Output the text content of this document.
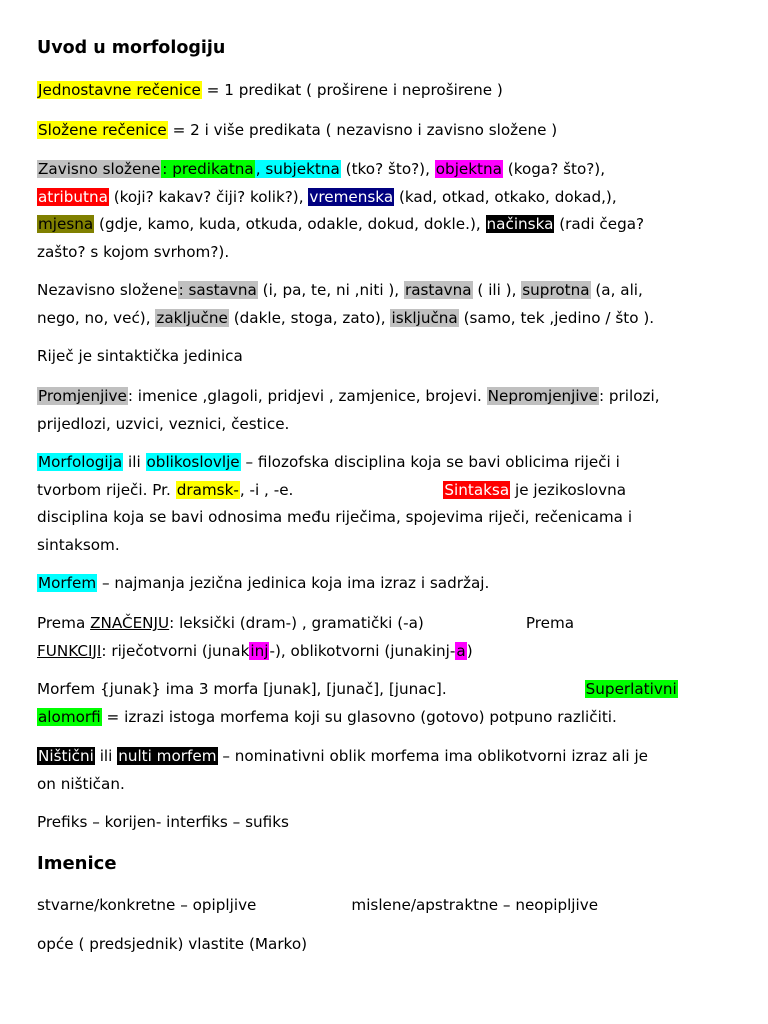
Uvod u morfologiju

Jednostavne rečenice = 1 predikat ( proširene i neproširene )

Složene rečenice = 2 i više predikata ( nezavisno i zavisno složene )

Zavisno složene : predikatna , subjektna (tko? što?), objektna (koga? što?),
atributna (koji? kakav? čiji? kolik?), vremenska (kad, otkad, otkako, dokad,),
mjesna (gdje, kamo, kuda, otkuda, odakle, dokud, dokle.), načinska (radi čega?
zašto? s kojom svrhom?).

Nezavisno složene: sastavna (i, pa, te, ni ,niti ), rastavna ( ili ), suprotna (a, ali,
nego, no, već), zaključne (dakle, stoga, zato), isključna (samo, tek ,jedino / što ).

Riječ je sintaktička jedinica

Promjenjive: imenice ,glagoli, pridjevi , zamjenice, brojevi. Nepromjenjive: prilozi,
prijedlozi, uzvici, veznici, čestice.

Morfologija ili oblikoslovlje – filozofska disciplina koja se bavi oblicima riječi i
tvorbom riječi. Pr. dramsk-, -i , -e.	Sintaksa je jezikoslovna
disciplina koja se bavi odnosima među riječima, spojevima riječi, rečenicama i
sintaksom.

Morfem – najmanja jezična jedinica koja ima izraz i sadržaj.

Prema ZNAČENJU: leksički (dram-) , gramatički (-a)	Prema
FUNKCIJI: riječotvorni (junakinj-), oblikotvorni (junakinj-a)

Morfem {junak} ima 3 morfa [junak], [junač], [junac].	Superlativni
alomorfi = izrazi istoga morfema koji su glasovno (gotovo) potpuno različiti.

Ništični ili nulti morfem – nominativni oblik morfema ima oblikotvorni izraz ali je
on ništičan.

Prefiks – korijen- interfiks – sufiks

Imenice

stvarne/konkretne – opipljive	mislene/apstraktne – neopipljive

opće ( predsjednik) vlastite (Marko)
